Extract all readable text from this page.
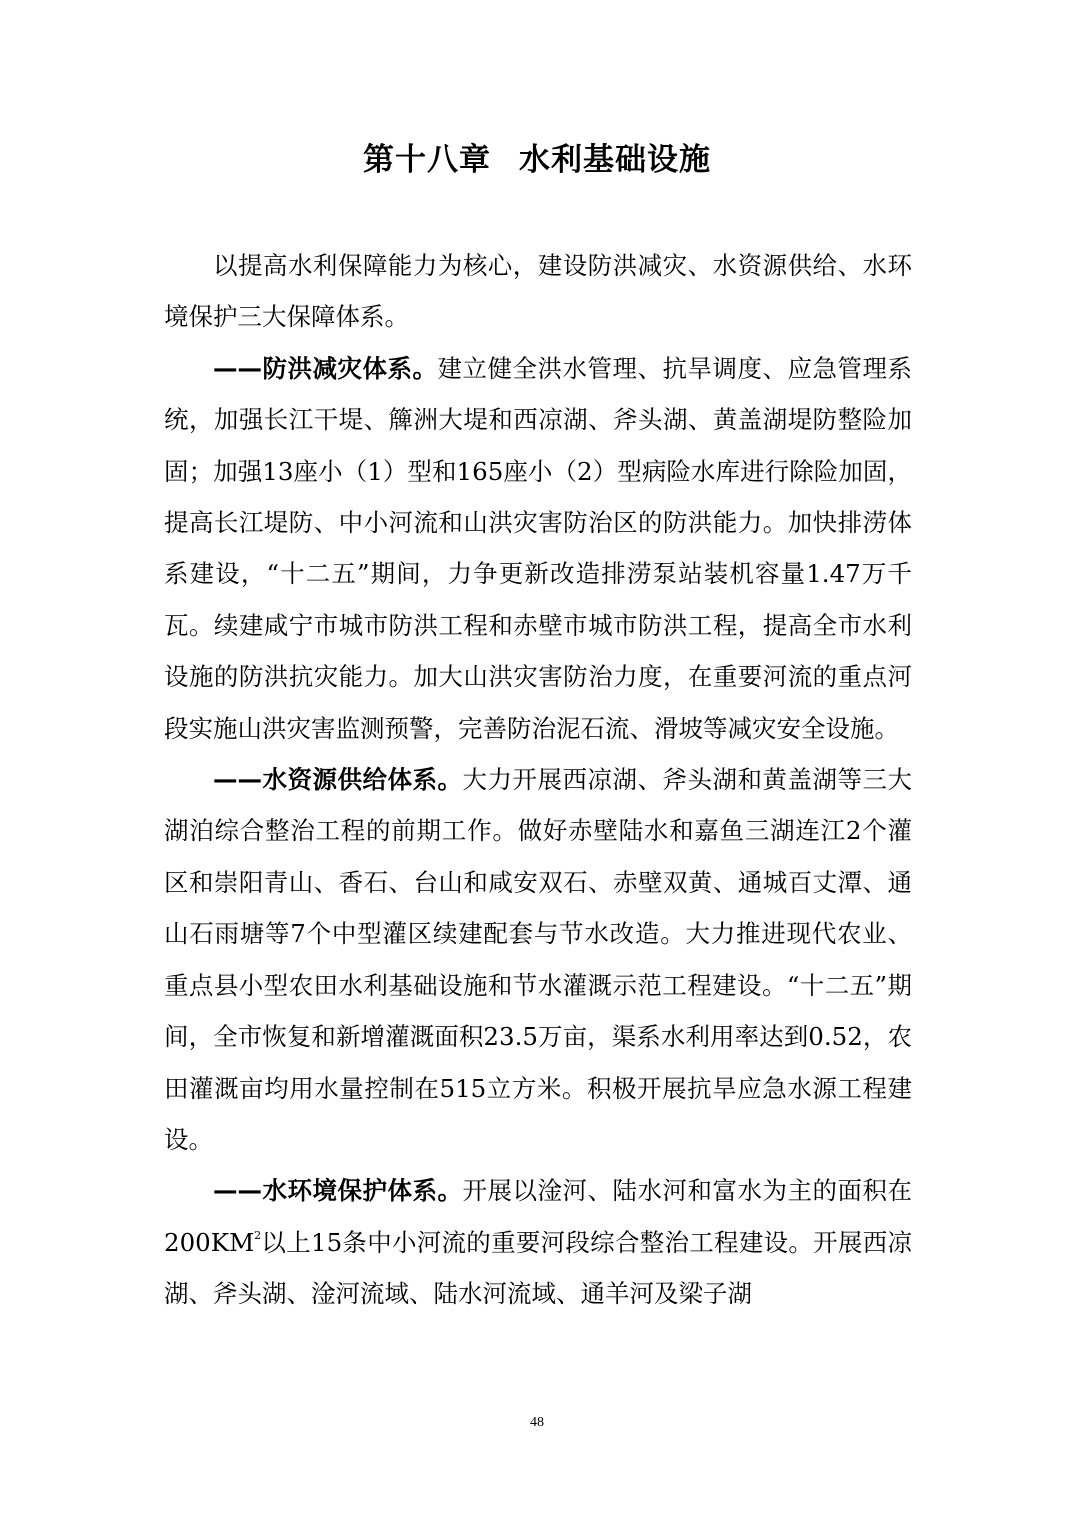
第十八章 水利基础设施

以提高水利保障能力为核心，建设防洪减灾、水资源供给、水环境保护三大保障体系。

——防洪减灾体系。建立健全洪水管理、抗旱调度、应急管理系统，加强长江干堤、簰洲大堤和西凉湖、斧头湖、黄盖湖堤防整险加固；加强13座小（1）型和165座小（2）型病险水库进行除险加固，提高长江堤防、中小河流和山洪灾害防治区的防洪能力。加快排涝体系建设，“十二五”期间，力争更新改造排涝泵站装机容量1.47万千瓦。续建咸宁市城市防洪工程和赤壁市城市防洪工程，提高全市水利设施的防洪抗灾能力。加大山洪灾害防治力度，在重要河流的重点河段实施山洪灾害监测预警，完善防治泥石流、滑坡等减灾安全设施。

——水资源供给体系。大力开展西凉湖、斧头湖和黄盖湖等三大湖泊综合整治工程的前期工作。做好赤壁陆水和嘉鱼三湖连江2个灌区和崇阳青山、香石、台山和咸安双石、赤壁双黄、通城百丈潭、通山石雨塘等7个中型灌区续建配套与节水改造。大力推进现代农业、重点县小型农田水利基础设施和节水灌溉示范工程建设。“十二五”期间，全市恢复和新增灌溉面积23.5万亩，渠系水利用率达到0.52，农田灌溉亩均用水量控制在515立方米。积极开展抗旱应急水源工程建设。

——水环境保护体系。开展以淦河、陆水河和富水为主的面积在$200KM^2$以上15条中小河流的重要河段综合整治工程建设。开展西凉湖、斧头湖、淦河流域、陆水河流域、通羊河及梁子湖

48
